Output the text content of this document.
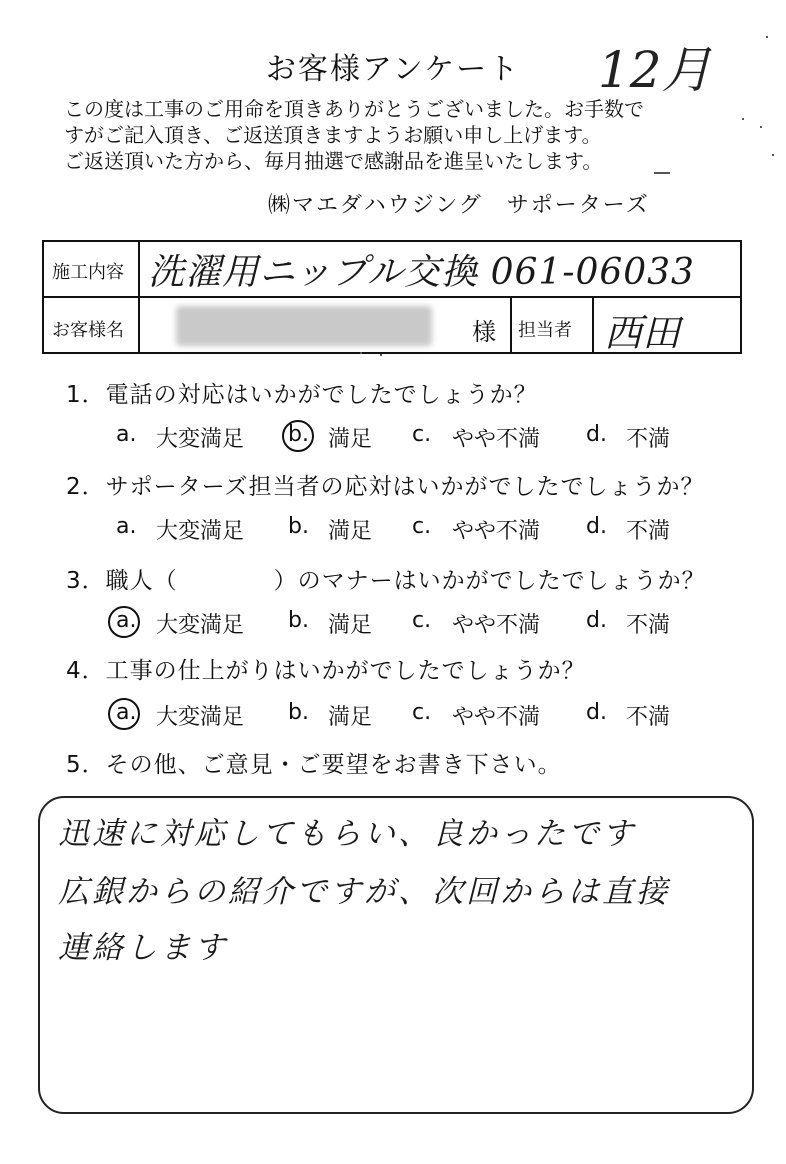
お客様アンケート	12月
この度は工事のご用命を頂きありがとうございました。お手数で
すがご記入頂き、ご返送頂きますようお願い申し上げます。
ご返送頂いた方から、毎月抽選で感謝品を進呈いたします。
㈱マエダハウジング　サポーターズ
施工内容 洗濯用ニップル交換 061-06033
お客様名	様 担当者 西田
1．電話の対応はいかがでしたでしょうか？
a. 大変満足 b. 満足 c. やや不満 d. 不満
2．サポーターズ担当者の応対はいかがでしたでしょうか？
a. 大変満足 b. 満足 c. やや不満 d. 不満
3．職人（　　　　）のマナーはいかがでしたでしょうか？
a. 大変満足 b. 満足 c. やや不満 d. 不満
4．工事の仕上がりはいかがでしたでしょうか？
a. 大変満足 b. 満足 c. やや不満 d. 不満
5．その他、ご意見・ご要望をお書き下さい。
迅速に対応してもらい、良かったです
広銀からの紹介ですが、次回からは直接
連絡します
